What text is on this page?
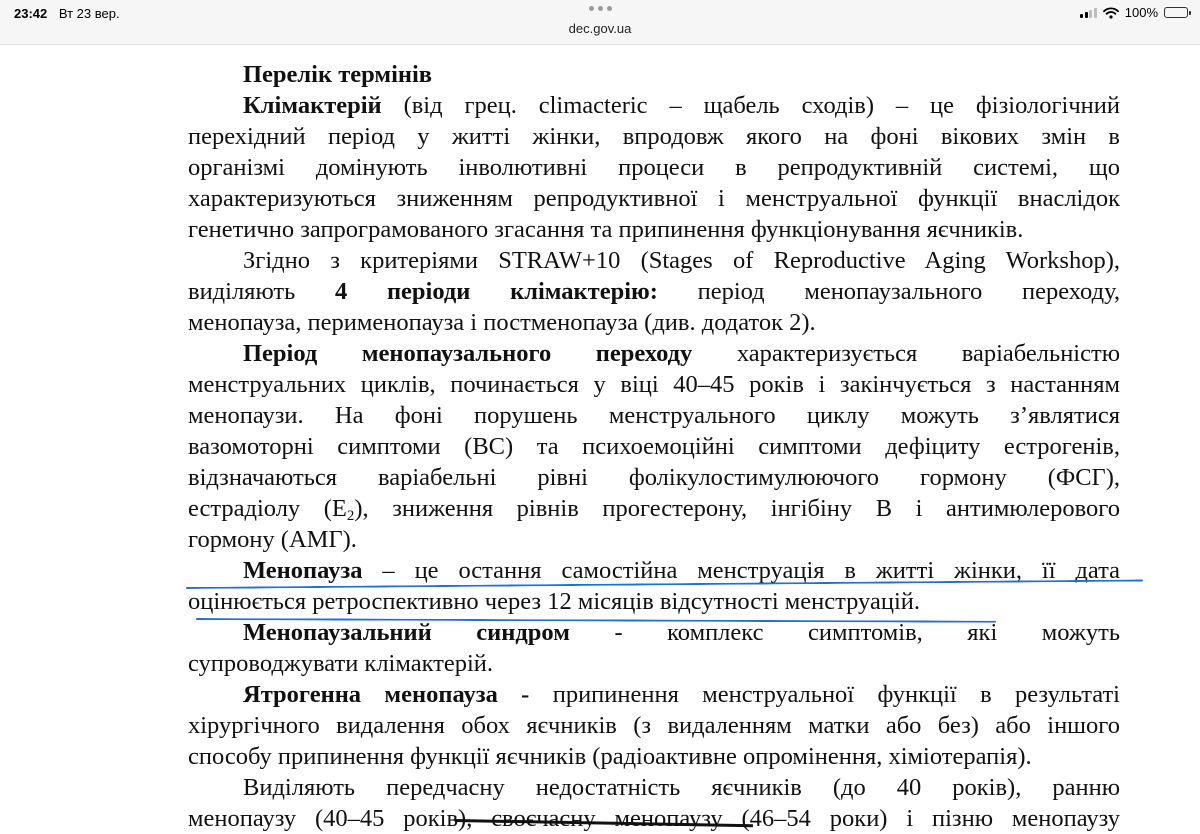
23:42 Вт 23 вер.
dec.gov.ua
100%
Перелік термінів
Клімактерій (від грец. climacteric – щабель сходів) – це фізіологічний
перехідний період у житті жінки, впродовж якого на фоні вікових змін в
організмі домінують інволютивні процеси в репродуктивній системі, що
характеризуються зниженням репродуктивної і менструальної функції внаслідок
генетично запрограмованого згасання та припинення функціонування яєчників.
Згідно з критеріями STRAW+10 (Stages of Reproductive Aging Workshop),
виділяють 4 періоди клімактерію: період менопаузального переходу,
менопауза, перименопауза і постменопауза (див. додаток 2).
Період менопаузального переходу характеризується варіабельністю
менструальних циклів, починається у віці 40–45 років і закінчується з настанням
менопаузи. На фоні порушень менструального циклу можуть з’являтися
вазомоторні симптоми (ВС) та психоемоційні симптоми дефіциту естрогенів,
відзначаються варіабельні рівні фолікулостимулюючого гормону (ФСГ),
естрадіолу $(Е_2)$, зниження рівнів прогестерону, інгібіну В і антимюлерового
гормону (АМГ).
Менопауза – це остання самостійна менструація в житті жінки, її дата
оцінюється ретроспективно через 12 місяців відсутності менструацій.
Менопаузальний синдром - комплекс симптомів, які можуть
супроводжувати клімактерій.
Ятрогенна менопауза - припинення менструальної функції в результаті
хірургічного видалення обох яєчників (з видаленням матки або без) або іншого
способу припинення функції яєчників (радіоактивне опромінення, хіміотерапія).
Виділяють передчасну недостатність яєчників (до 40 років), ранню
менопаузу (40–45 років), своєчасну менопаузу (46–54 роки) і пізню менопаузу
